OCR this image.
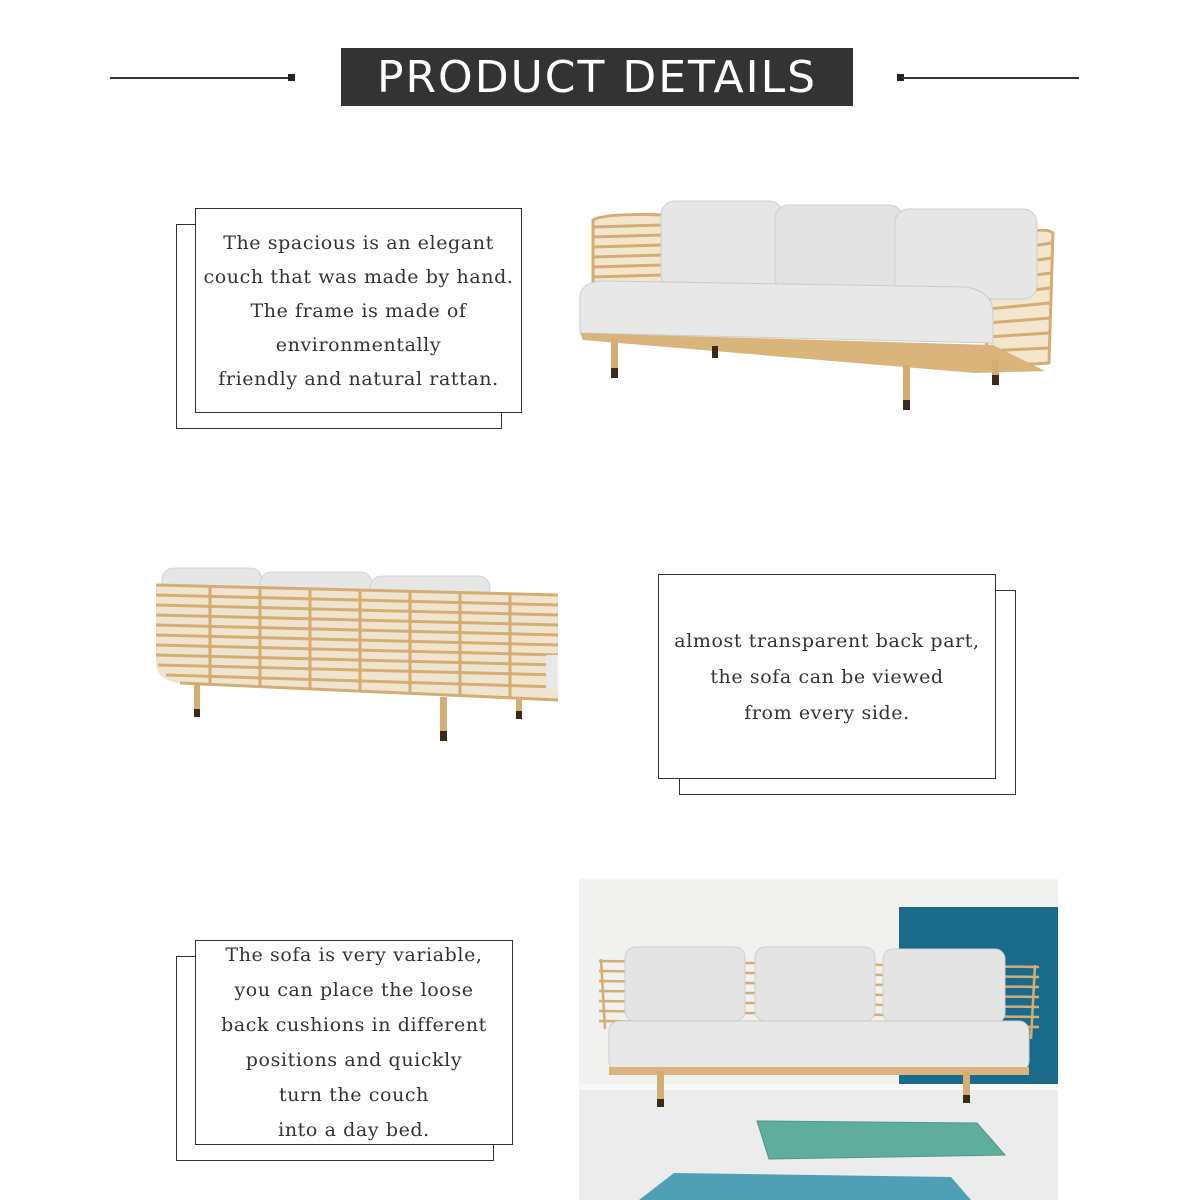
PRODUCT DETAILS
The spacious is an elegant
couch that was made by hand.
The frame is made of
environmentally
friendly and natural rattan.
almost transparent back part,
the sofa can be viewed
from every side.
The sofa is very variable,
you can place the loose
back cushions in different
positions and quickly
turn the couch
into a day bed.
